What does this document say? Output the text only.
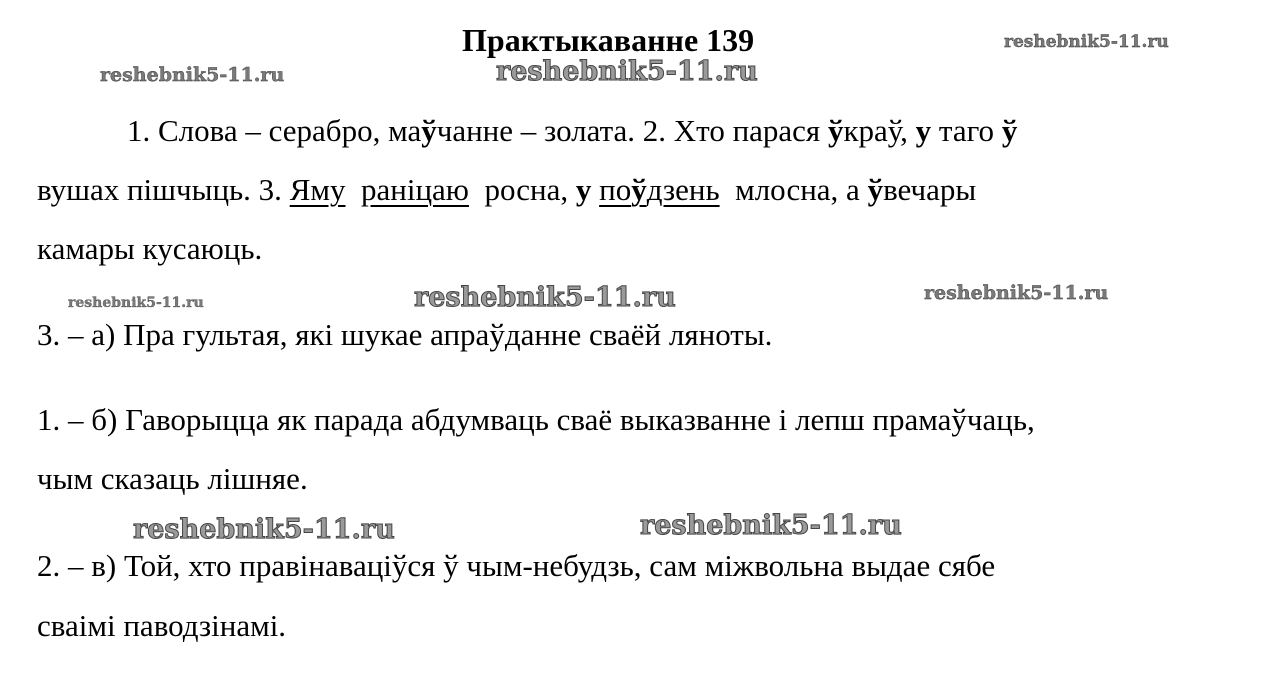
reshebnik5-11.ru
reshebnik5-11.ru	reshebnik5-11.ru
reshebnik5-11.ru	reshebnik5-11.ru	reshebnik5-11.ru
reshebnik5-11.ru	reshebnik5-11.ru
Практыкаванне 139
1. Слова – серабро, маўчанне – золата. 2. Хто парася ўкраў, у таго ў
вушах пішчыць. 3. Яму раніцаю  росна, у поўдзень  млосна, а ўвечары
камары кусаюць.
3. – а) Пра гультая, які шукае апраўданне сваёй ляноты.
1. – б) Гаворыцца як парада абдумваць сваё выказванне і лепш прамаўчаць,
чым сказаць лішняе.
2. – в) Той, хто правінаваціўся ў чым-небудзь, сам міжвольна выдае сябе
сваімі паводзінамі.
